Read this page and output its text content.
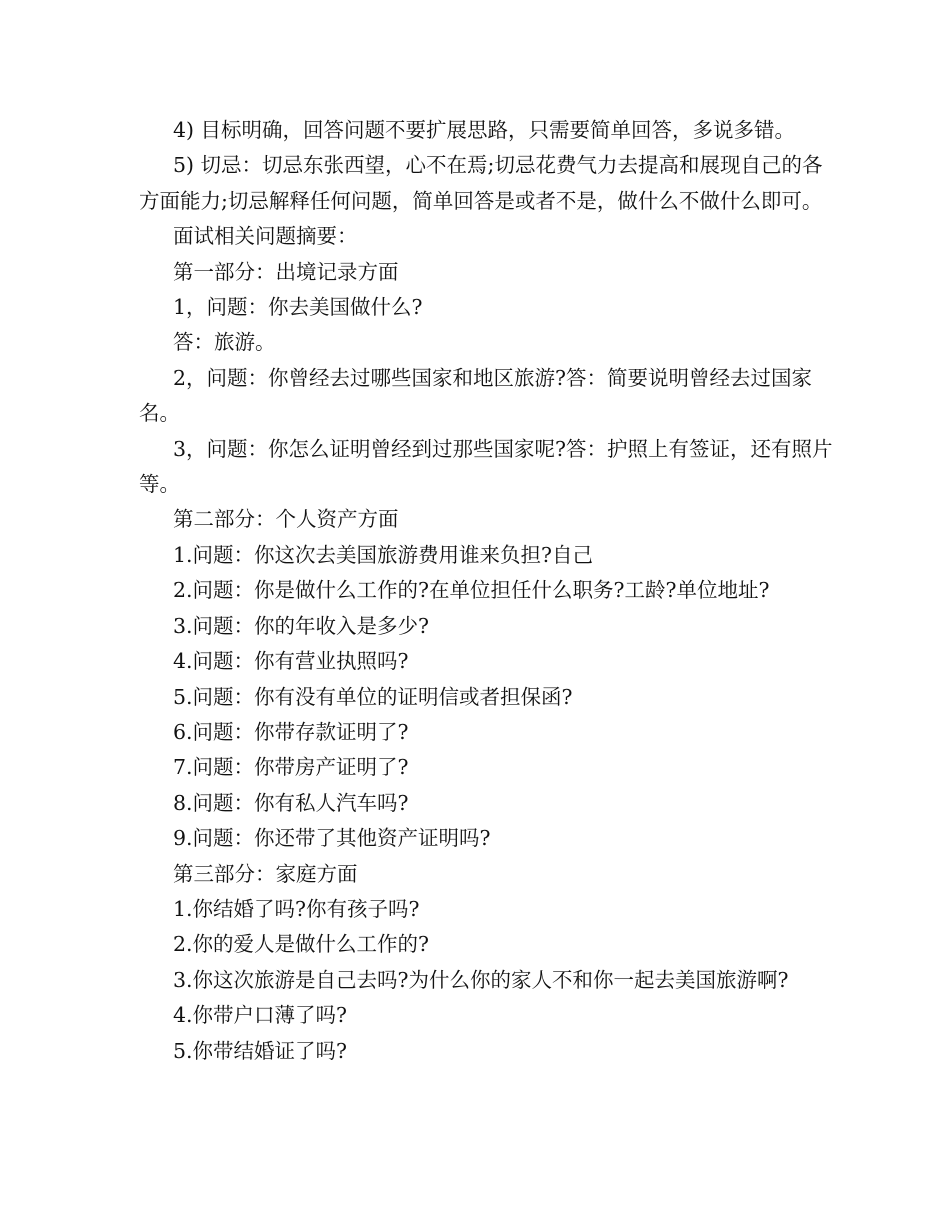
4) 目标明确，回答问题不要扩展思路，只需要简单回答，多说多错。

5) 切忌：切忌东张西望，心不在焉;切忌花费气力去提高和展现自己的各方面能力;切忌解释任何问题，简单回答是或者不是，做什么不做什么即可。

面试相关问题摘要：

第一部分：出境记录方面

1，问题：你去美国做什么?

答：旅游。

2，问题：你曾经去过哪些国家和地区旅游?答：简要说明曾经去过国家名。

3，问题：你怎么证明曾经到过那些国家呢?答：护照上有签证，还有照片等。

第二部分：个人资产方面

1.问题：你这次去美国旅游费用谁来负担?自己

2.问题：你是做什么工作的?在单位担任什么职务?工龄?单位地址?

3.问题：你的年收入是多少?

4.问题：你有营业执照吗?

5.问题：你有没有单位的证明信或者担保函?

6.问题：你带存款证明了?

7.问题：你带房产证明了?

8.问题：你有私人汽车吗?

9.问题：你还带了其他资产证明吗?

第三部分：家庭方面

1.你结婚了吗?你有孩子吗?

2.你的爱人是做什么工作的?

3.你这次旅游是自己去吗?为什么你的家人不和你一起去美国旅游啊?

4.你带户口薄了吗?

5.你带结婚证了吗?
